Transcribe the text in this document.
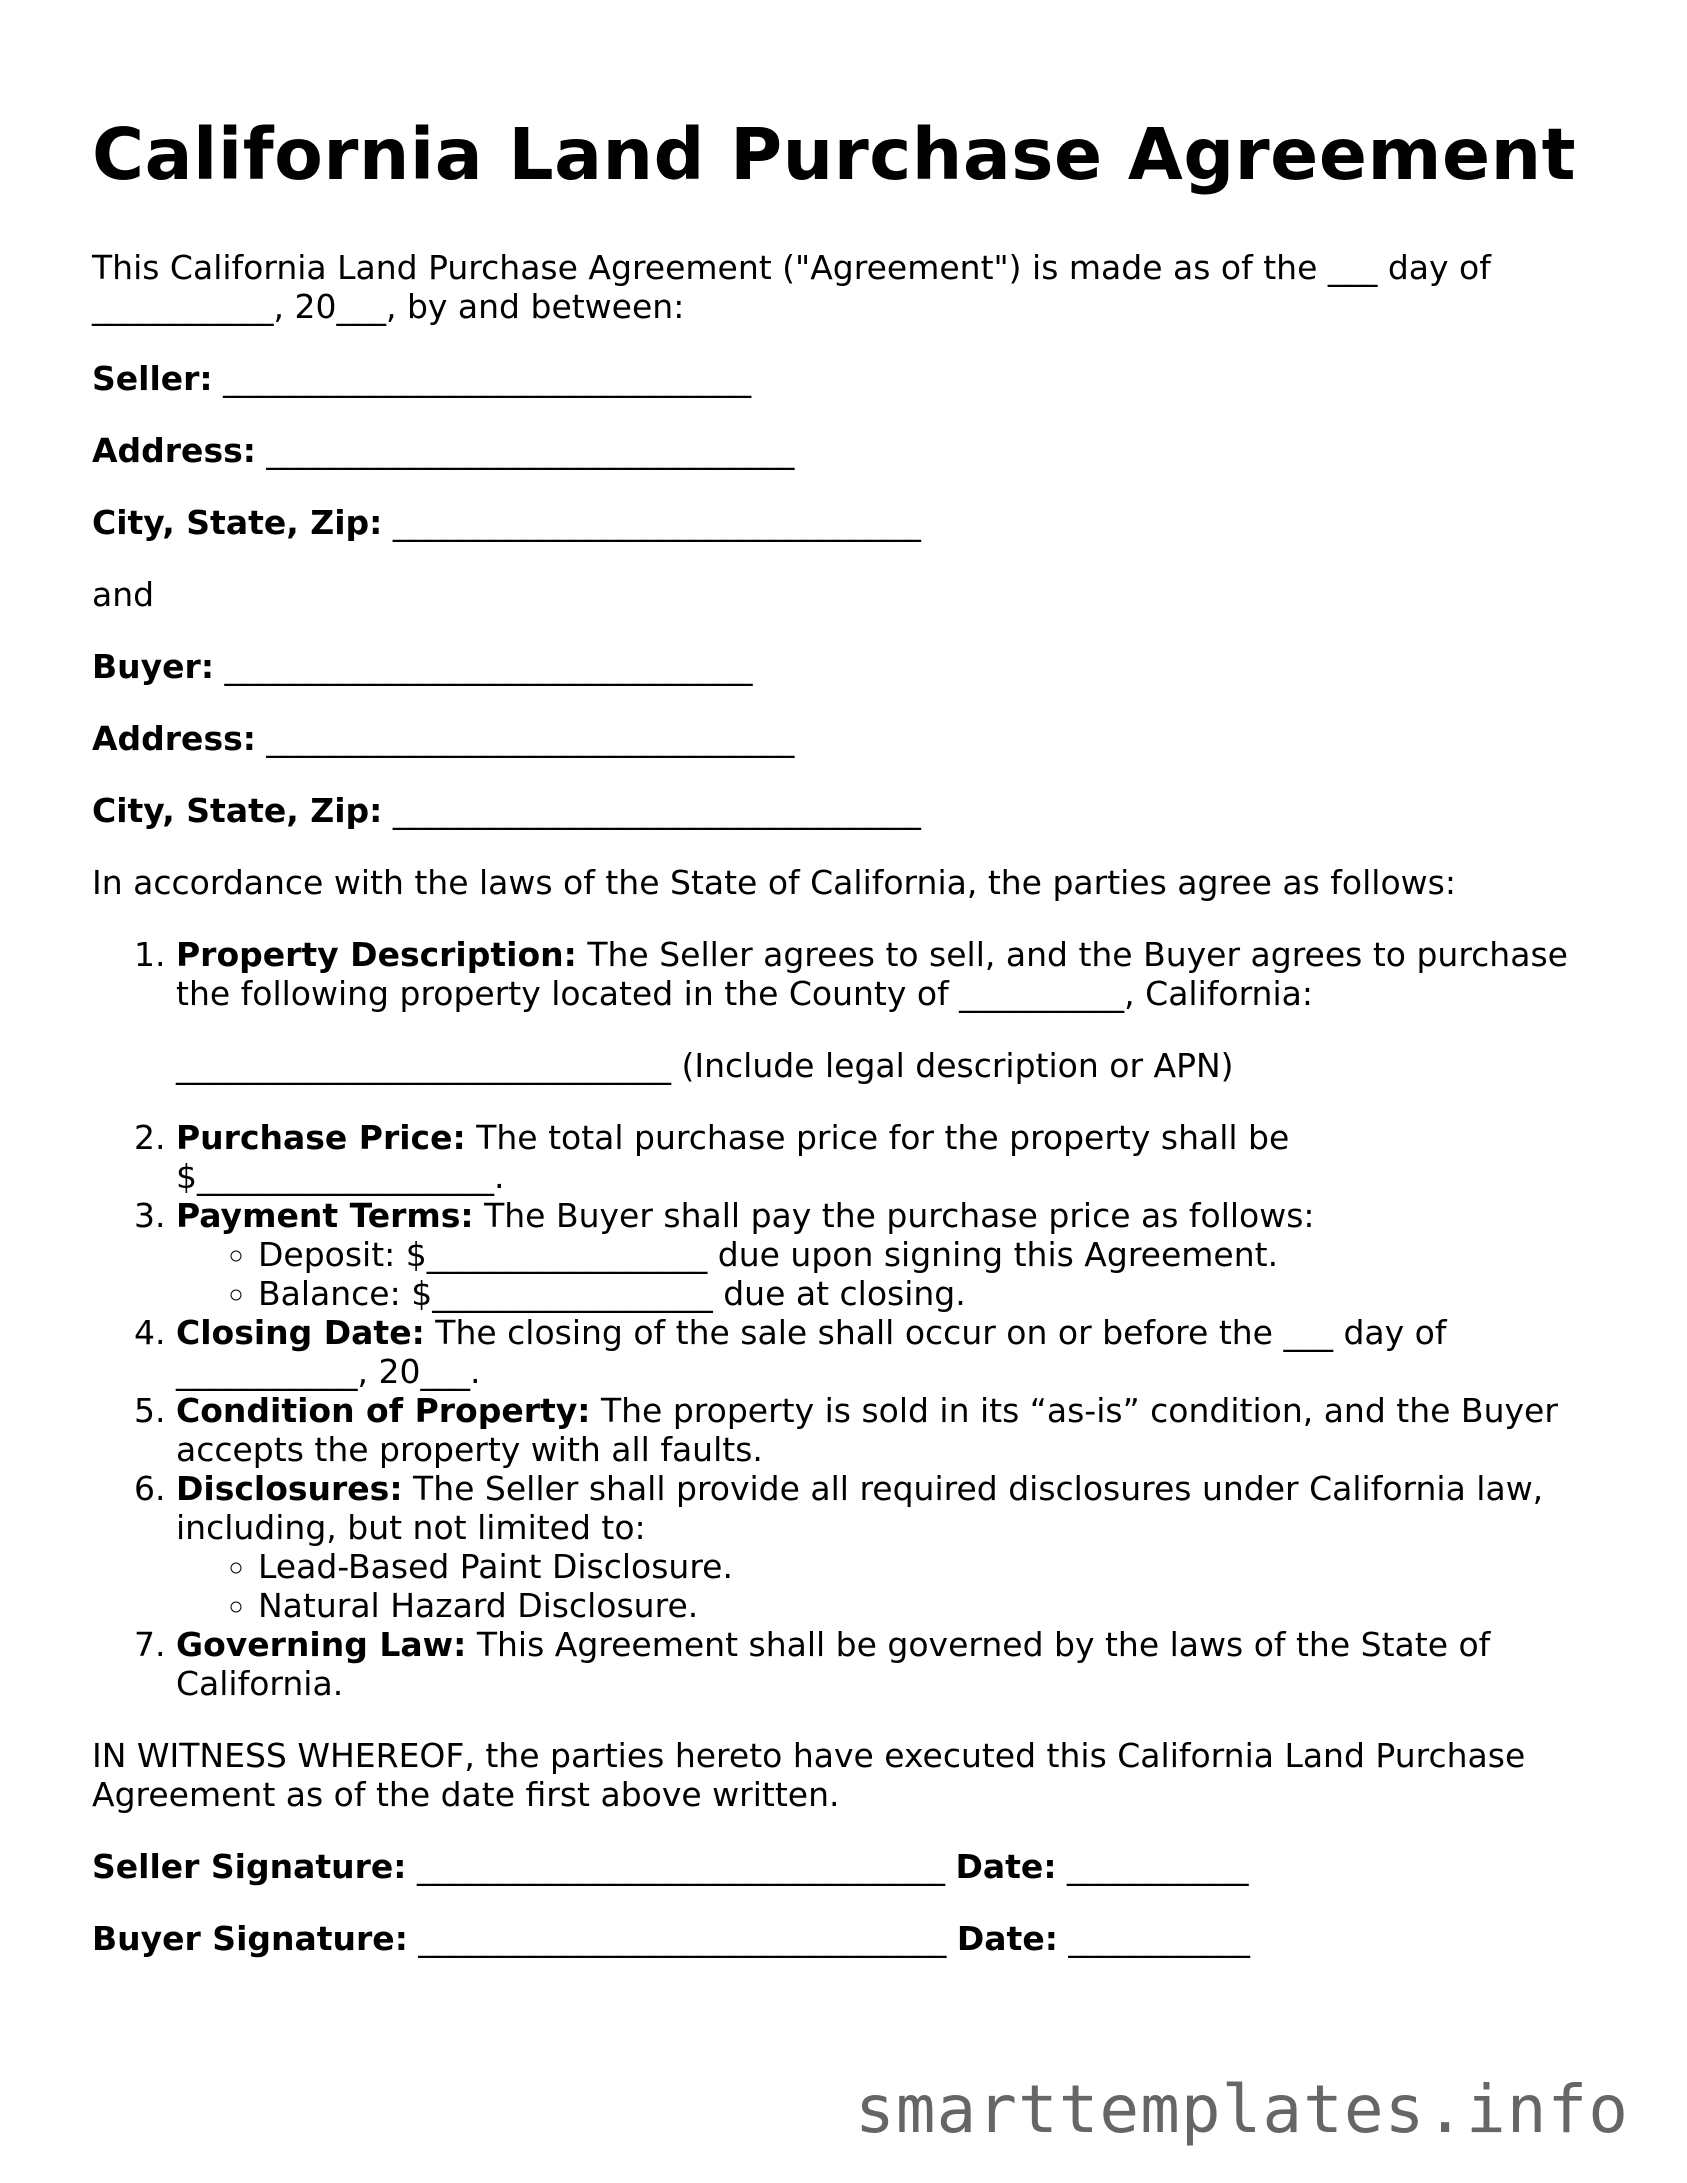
California Land Purchase Agreement

This California Land Purchase Agreement ("Agreement") is made as of the ___ day of ___________, 20___, by and between:

Seller: ________________________________

Address: ________________________________

City, State, Zip: ________________________________

and

Buyer: ________________________________

Address: ________________________________

City, State, Zip: ________________________________

In accordance with the laws of the State of California, the parties agree as follows:

1. Property Description: The Seller agrees to sell, and the Buyer agrees to purchase the following property located in the County of __________, California:
______________________________ (Include legal description or APN)
2. Purchase Price: The total purchase price for the property shall be $__________________.
3. Payment Terms: The Buyer shall pay the purchase price as follows:
◦ Deposit: $_________________ due upon signing this Agreement.
◦ Balance: $_________________ due at closing.
4. Closing Date: The closing of the sale shall occur on or before the ___ day of ___________, 20___.
5. Condition of Property: The property is sold in its “as-is” condition, and the Buyer accepts the property with all faults.
6. Disclosures: The Seller shall provide all required disclosures under California law, including, but not limited to:
◦ Lead-Based Paint Disclosure.
◦ Natural Hazard Disclosure.
7. Governing Law: This Agreement shall be governed by the laws of the State of California.

IN WITNESS WHEREOF, the parties hereto have executed this California Land Purchase Agreement as of the date first above written.

Seller Signature: ________________________________ Date: ___________

Buyer Signature: ________________________________ Date: ___________

smarttemplates.info
